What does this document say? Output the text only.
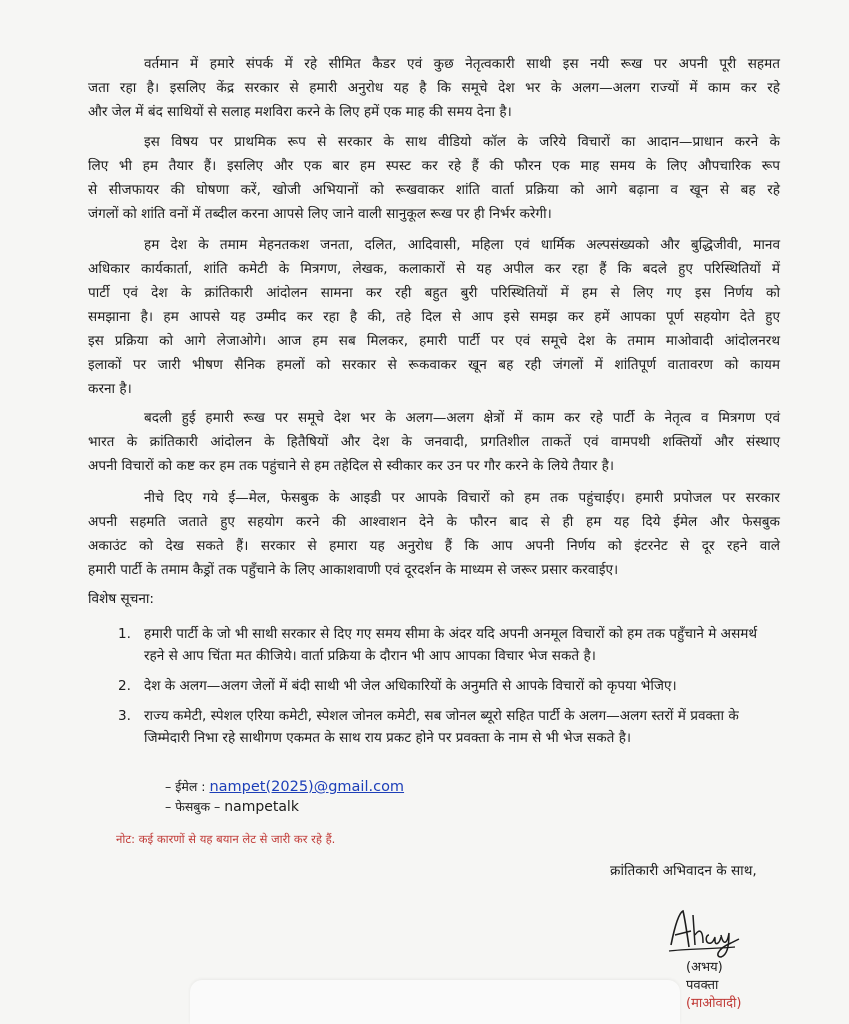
वर्तमान में हमारे संपर्क में रहे सीमित कैडर एवं कुछ नेतृत्वकारी साथी इस नयी रूख पर अपनी पूरी सहमत
जता रहा है। इसलिए केंद्र सरकार से हमारी अनुरोध यह है कि समूचे देश भर के अलग—अलग राज्यों में काम कर रहे
और जेल में बंद साथियों से सलाह मशविरा करने के लिए हमें एक माह की समय देना है।
इस विषय पर प्राथमिक रूप से सरकार के साथ वीडियो कॉल के जरिये विचारों का आदान—प्राधान करने के
लिए भी हम तैयार हैं। इसलिए और एक बार हम स्पस्ट कर रहे हैं की फौरन एक माह समय के लिए औपचारिक रूप
से सीजफायर की घोषणा करें, खोजी अभियानों को रूखवाकर शांति वार्ता प्रक्रिया को आगे बढ़ाना व खून से बह रहे
जंगलों को शांति वनों में तब्दील करना आपसे लिए जाने वाली सानुकूल रूख पर ही निर्भर करेगी।
हम देश के तमाम मेहनतकश जनता, दलित, आदिवासी, महिला एवं धार्मिक अल्पसंख्यको और बुद्धिजीवी, मानव
अधिकार कार्यकार्ता, शांति कमेटी के मित्रगण, लेखक, कलाकारों से यह अपील कर रहा हैं कि बदले हुए परिस्थितियों में
पार्टी एवं देश के क्रांतिकारी आंदोलन सामना कर रही बहुत बुरी परिस्थितियों में हम से लिए गए इस निर्णय को
समझाना है। हम आपसे यह उम्मीद कर रहा है की, तहे दिल से आप इसे समझ कर हमें आपका पूर्ण सहयोग देते हुए
इस प्रक्रिया को आगे लेजाओगे। आज हम सब मिलकर, हमारी पार्टी पर एवं समूचे देश के तमाम माओवादी आंदोलनरथ
इलाकों पर जारी भीषण सैनिक हमलों को सरकार से रूकवाकर खून बह रही जंगलों में शांतिपूर्ण वातावरण को कायम
करना है।
बदली हुई हमारी रूख पर समूचे देश भर के अलग—अलग क्षेत्रों में काम कर रहे पार्टी के नेतृत्व व मित्रगण एवं
भारत के क्रांतिकारी आंदोलन के हितैषियों और देश के जनवादी, प्रगतिशील ताकतें एवं वामपथी शक्तियों और संस्थाए
अपनी विचारों को कष्ट कर हम तक पहुंचाने से हम तहेदिल से स्वीकार कर उन पर गौर करने के लिये तैयार है।
नीचे दिए गये ई—मेल, फेसबुक के आइडी पर आपके विचारों को हम तक पहुंचाईए। हमारी प्रपोजल पर सरकार
अपनी सहमति जताते हुए सहयोग करने की आश्वाशन देने के फौरन बाद से ही हम यह दिये ईमेल और फेसबुक
अकाउंट को देख सकते हैं। सरकार से हमारा यह अनुरोध हैं कि आप अपनी निर्णय को इंटरनेट से दूर रहने वाले
हमारी पार्टी के तमाम कैड्रों तक पहुँचाने के लिए आकाशवाणी एवं दूरदर्शन के माध्यम से जरूर प्रसार करवाईए।
विशेष सूचना:
1. हमारी पार्टी के जो भी साथी सरकार से दिए गए समय सीमा के अंदर यदि अपनी अनमूल विचारों को हम तक पहुँचाने मे असमर्थ रहने से आप चिंता मत कीजिये। वार्ता प्रक्रिया के दौरान भी आप आपका विचार भेज सकते है।
2. देश के अलग—अलग जेलों में बंदी साथी भी जेल अधिकारियों के अनुमति से आपके विचारों को कृपया भेजिए।
3. राज्य कमेटी, स्पेशल एरिया कमेटी, स्पेशल जोनल कमेटी, सब जोनल ब्यूरो सहित पार्टी के अलग—अलग स्तरों में प्रवक्ता के जिम्मेदारी निभा रहे साथीगण एकमत के साथ राय प्रकट होने पर प्रवक्ता के नाम से भी भेज सकते है।
– ईमेल : nampet(2025)@gmail.com
– फेसबुक – nampetalk
नोट: कई कारणों से यह बयान लेट से जारी कर रहे हैं.
क्रांतिकारी अभिवादन के साथ,
(अभय)
पवक्ता
(माओवादी)
